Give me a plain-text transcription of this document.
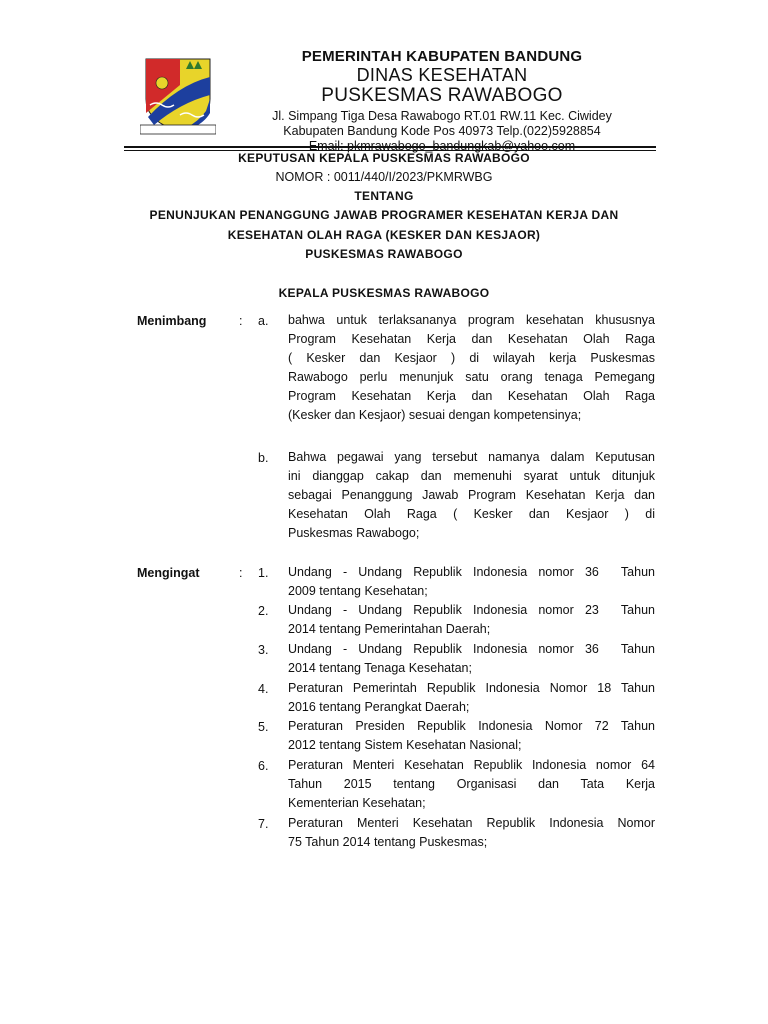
PEMERINTAH KABUPATEN BANDUNG
DINAS KESEHATAN
PUSKESMAS RAWABOGO
Jl. Simpang Tiga Desa Rawabogo RT.01 RW.11 Kec. Ciwidey
Kabupaten Bandung Kode Pos 40973 Telp.(022)5928854
KEPUTUSAN KEPALA PUSKESMAS RAWABOGO
NOMOR : 0011/440/I/2023/PKMRWBG
TENTANG
PENUNJUKAN PENANGGUNG JAWAB PROGRAMER KESEHATAN KERJA DAN
KESEHATAN OLAH RAGA (KESKER DAN KESJAOR)
PUSKESMAS RAWABOGO
KEPALA PUSKESMAS RAWABOGO
Menimbang	: a. bahwa untuk terlaksananya program kesehatan khususnya
Program Kesehatan Kerja dan Kesehatan Olah Raga
( Kesker dan Kesjaor ) di wilayah kerja Puskesmas
Rawabogo perlu menunjuk satu orang tenaga Pemegang
Program Kesehatan Kerja dan Kesehatan Olah Raga
(Kesker dan Kesjaor) sesuai dengan kompetensinya;
b. Bahwa pegawai yang tersebut namanya dalam Keputusan
ini dianggap cakap dan memenuhi syarat untuk ditunjuk
sebagai Penanggung Jawab Program Kesehatan Kerja dan
Kesehatan Olah Raga ( Kesker dan Kesjaor ) di
Puskesmas Rawabogo;
Mengingat	: 1. Undang - Undang Republik Indonesia nomor 36  Tahun
2009 tentang Kesehatan;
2. Undang - Undang Republik Indonesia nomor 23  Tahun
2014 tentang Pemerintahan Daerah;
3. Undang - Undang Republik Indonesia nomor 36  Tahun
2014 tentang Tenaga Kesehatan;
4. Peraturan Pemerintah Republik Indonesia Nomor 18 Tahun
2016 tentang Perangkat Daerah;
5. Peraturan Presiden Republik Indonesia Nomor 72 Tahun
2012 tentang Sistem Kesehatan Nasional;
6. Peraturan Menteri Kesehatan Republik Indonesia nomor 64
Tahun 2015 tentang Organisasi dan Tata Kerja
Kementerian Kesehatan;
7. Peraturan Menteri Kesehatan Republik Indonesia Nomor
75 Tahun 2014 tentang Puskesmas;
